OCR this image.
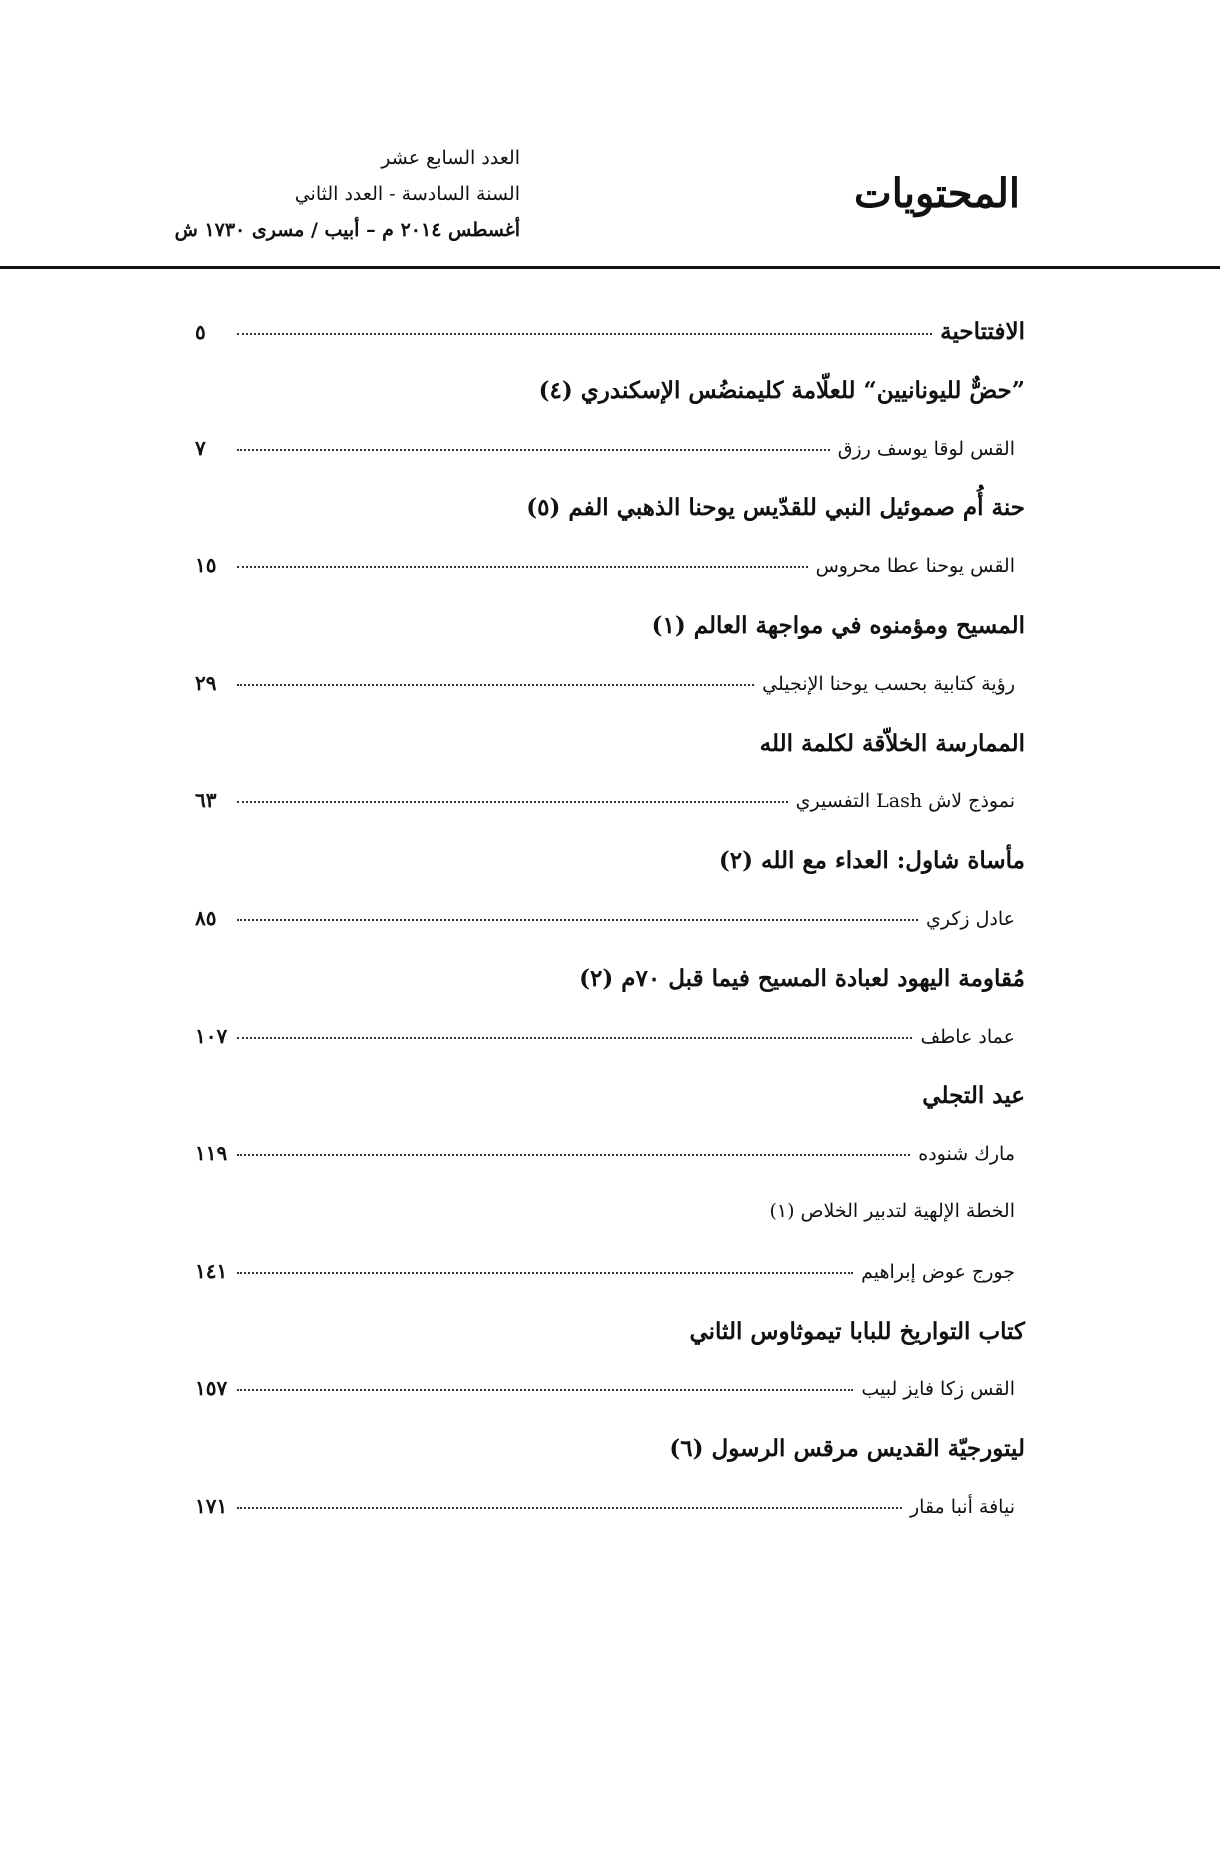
المحتويات
العدد السابع عشر
السنة السادسة - العدد الثاني
أغسطس ٢٠١٤ م – أبيب / مسرى ١٧٣٠ ش
الافتتاحية
٥
”حضٌّ لليونانيين“ للعلّامة كليمنضُس الإسكندري (٤)
القس لوقا يوسف رزق
٧
حنة أُم صموئيل النبي للقدّيس يوحنا الذهبي الفم (٥)
القس يوحنا عطا محروس
١٥
المسيح ومؤمنوه في مواجهة العالم (١)
رؤية كتابية بحسب يوحنا الإنجيلي
٢٩
الممارسة الخلاّقة لكلمة الله
نموذج لاش Lash التفسيري
٦٣
مأساة شاول: العداء مع الله (٢)
عادل زكري
٨٥
مُقاومة اليهود لعبادة المسيح فيما قبل ٧٠م (٢)
عماد عاطف
١٠٧
عيد التجلي
مارك شنوده
١١٩
الخطة الإلهية لتدبير الخلاص (١)
جورج عوض إبراهيم
١٤١
كتاب التواريخ للبابا تيموثاوس الثاني
القس زكا فايز لبيب
١٥٧
ليتورجيّة القديس مرقس الرسول (٦)
نيافة أنبا مقار
١٧١
